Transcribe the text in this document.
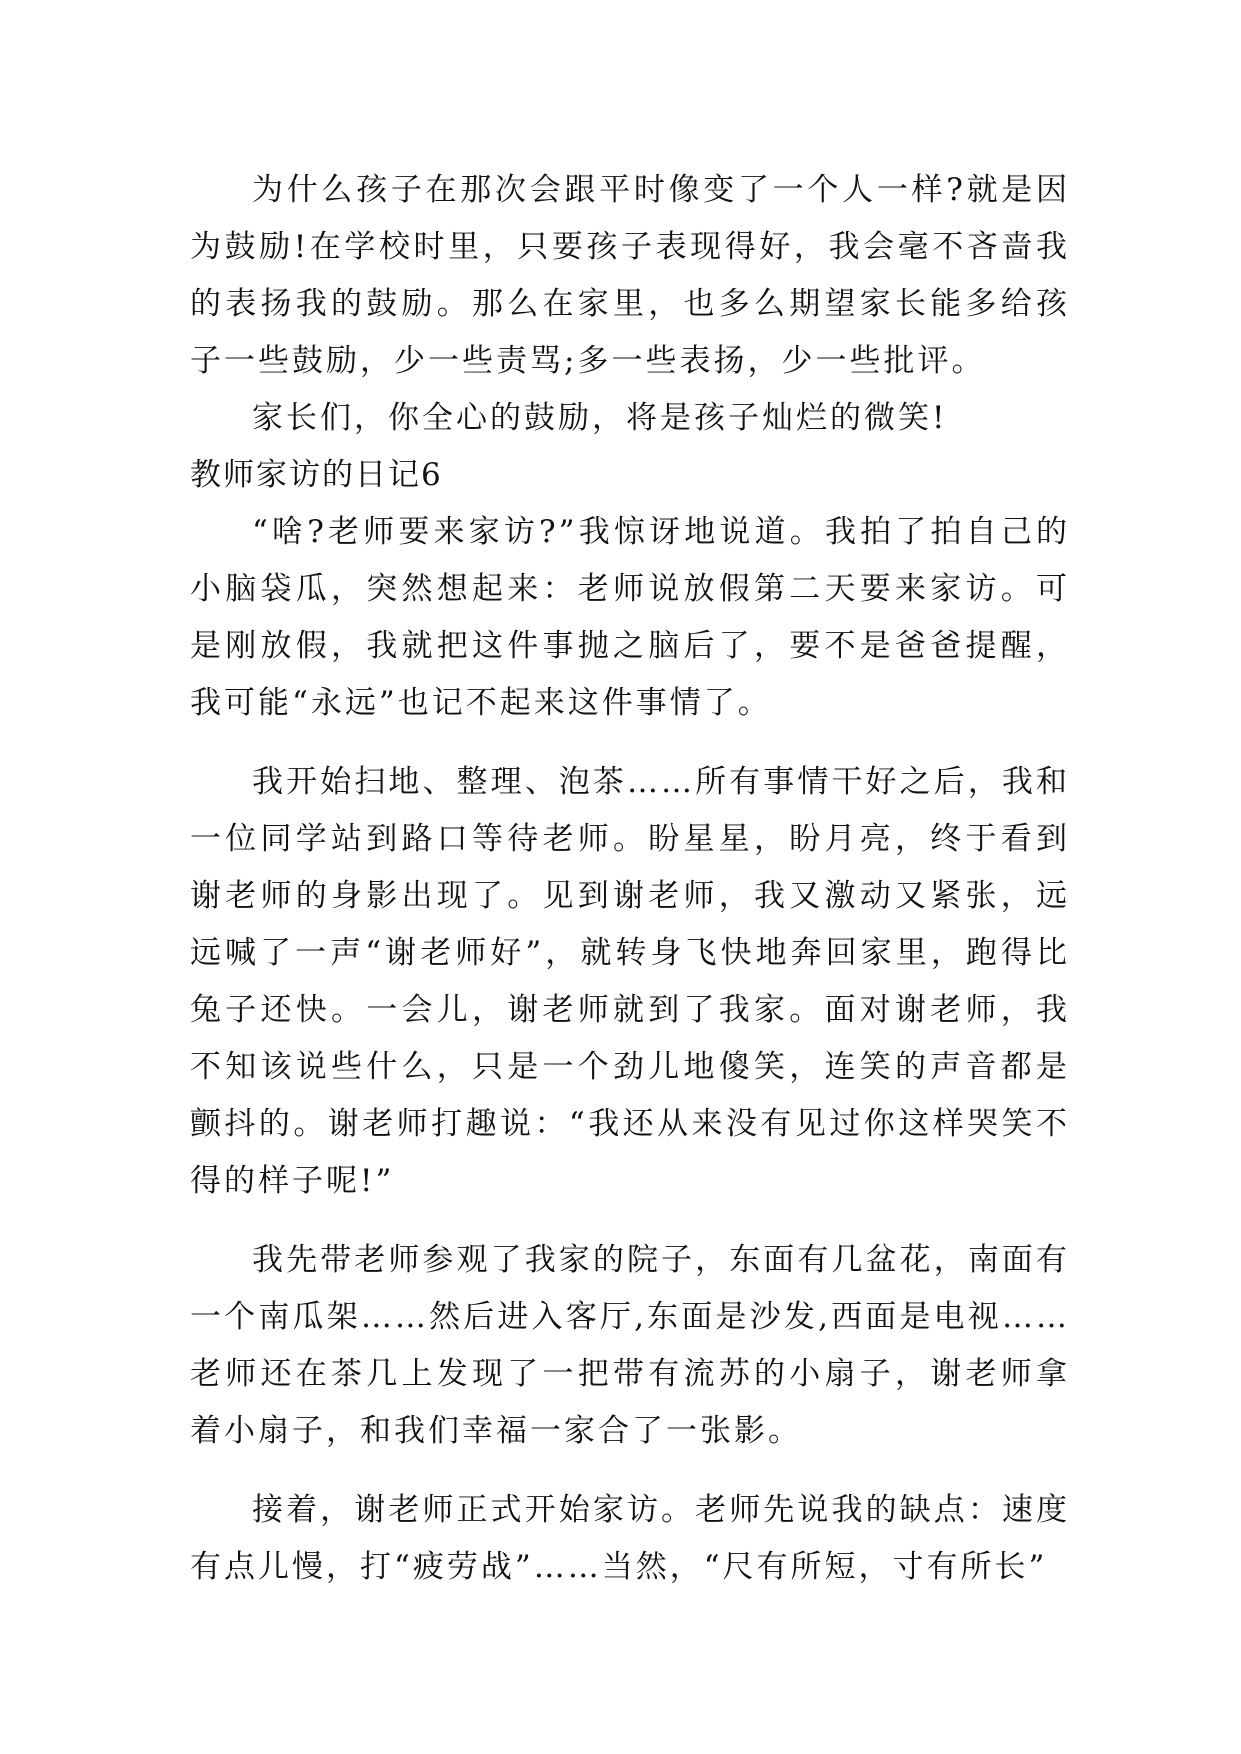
为什么孩子在那次会跟平时像变了一个人一样?就是因为鼓励!在学校时里，只要孩子表现得好，我会毫不吝啬我的表扬我的鼓励。那么在家里，也多么期望家长能多给孩子一些鼓励，少一些责骂;多一些表扬，少一些批评。

家长们，你全心的鼓励，将是孩子灿烂的微笑!

教师家访的日记6

“啥?老师要来家访?”我惊讶地说道。我拍了拍自己的小脑袋瓜，突然想起来：老师说放假第二天要来家访。可是刚放假，我就把这件事抛之脑后了，要不是爸爸提醒，我可能“永远”也记不起来这件事情了。

我开始扫地、整理、泡茶……所有事情干好之后，我和一位同学站到路口等待老师。盼星星，盼月亮，终于看到谢老师的身影出现了。见到谢老师，我又激动又紧张，远远喊了一声“谢老师好”，就转身飞快地奔回家里，跑得比兔子还快。一会儿，谢老师就到了我家。面对谢老师，我不知该说些什么，只是一个劲儿地傻笑，连笑的声音都是颤抖的。谢老师打趣说：“我还从来没有见过你这样哭笑不得的样子呢!”

我先带老师参观了我家的院子，东面有几盆花，南面有一个南瓜架……然后进入客厅,东面是沙发,西面是电视……老师还在茶几上发现了一把带有流苏的小扇子，谢老师拿着小扇子，和我们幸福一家合了一张影。

接着，谢老师正式开始家访。老师先说我的缺点：速度有点儿慢，打“疲劳战”……当然，“尺有所短，寸有所长”
